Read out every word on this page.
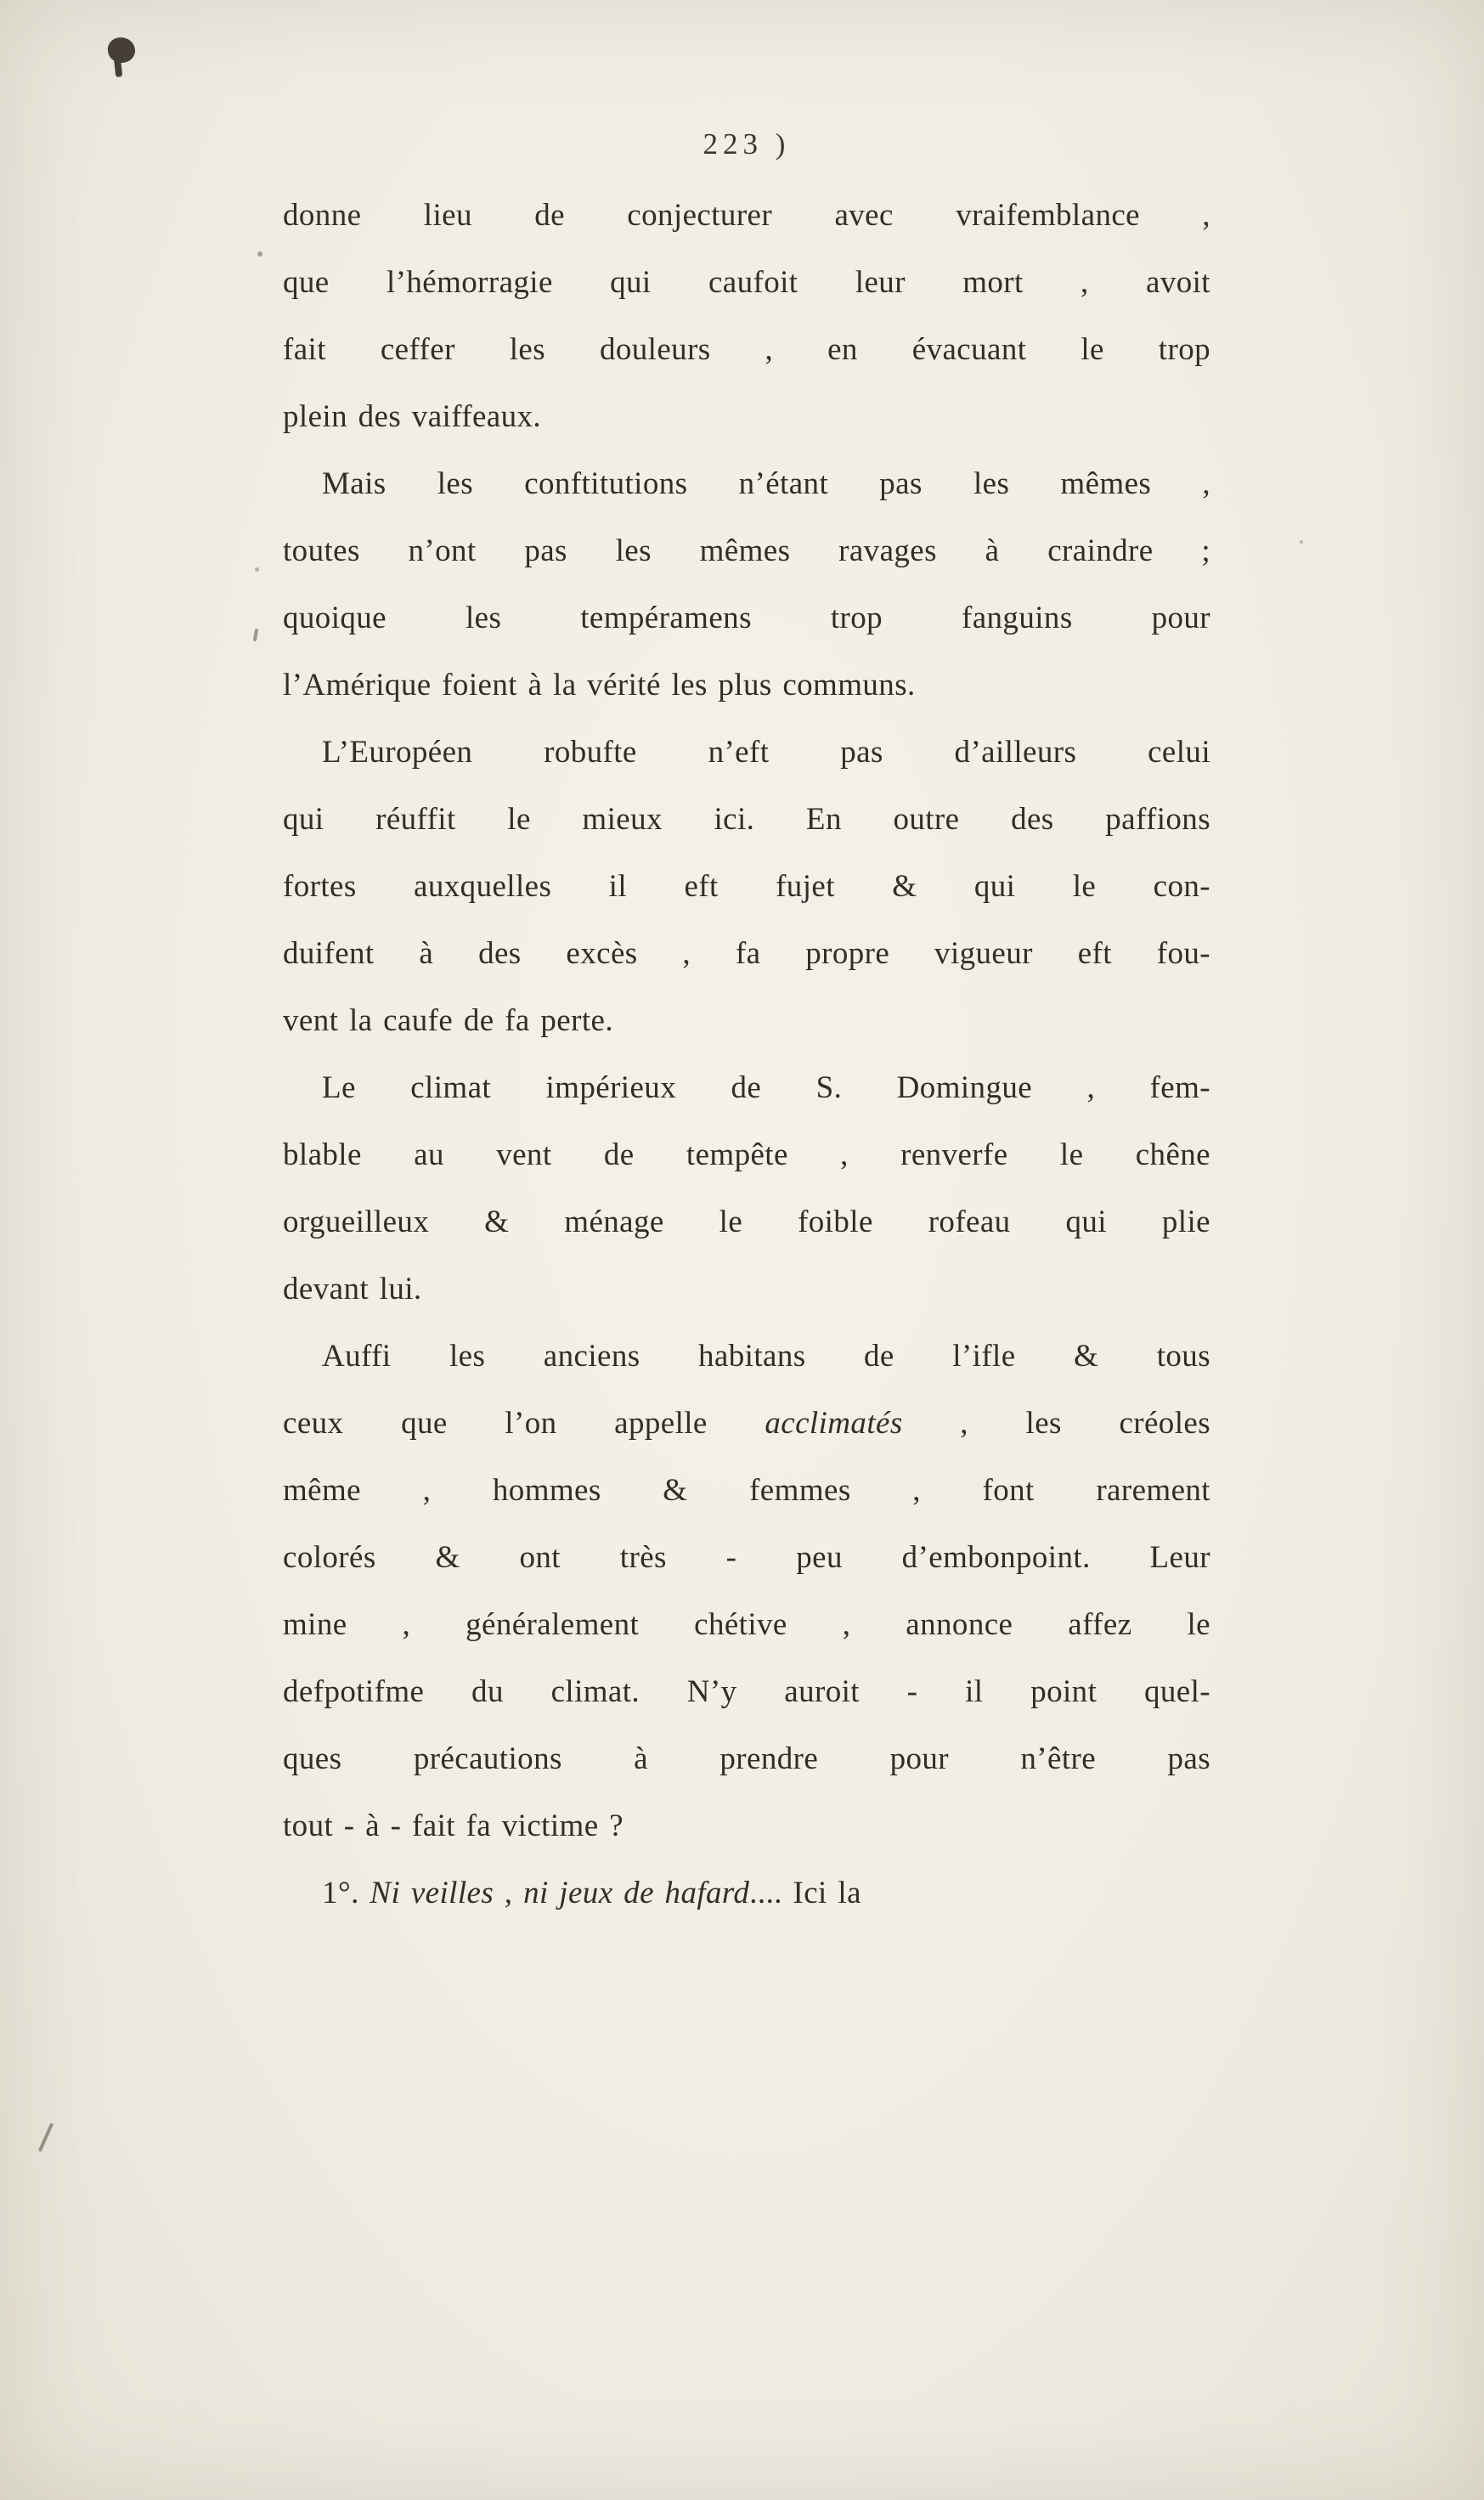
223 )
donne lieu de conjecturer avec vraifemblance ,
que l’hémorragie qui caufoit leur mort , avoit
fait ceffer les douleurs , en évacuant le trop
plein des vaiffeaux.
Mais les conftitutions n’étant pas les mêmes ,
toutes n’ont pas les mêmes ravages à craindre ;
quoique les tempéramens trop fanguins pour
l’Amérique foient à la vérité les plus communs.
L’Européen robufte n’eft pas d’ailleurs celui
qui réuffit le mieux ici. En outre des paffions
fortes auxquelles il eft fujet & qui le con-
duifent à des excès , fa propre vigueur eft fou-
vent la caufe de fa perte.
Le climat impérieux de S. Domingue , fem-
blable au vent de tempête , renverfe le chêne
orgueilleux & ménage le foible rofeau qui plie
devant lui.
Auffi les anciens habitans de l’ifle & tous
ceux que l’on appelle acclimatés , les créoles
même , hommes & femmes , font rarement
colorés & ont très - peu d’embonpoint. Leur
mine , généralement chétive , annonce affez le
defpotifme du climat. N’y auroit - il point quel-
ques précautions à prendre pour n’être pas
tout - à - fait fa victime ?
1°. Ni veilles , ni jeux de hafard.... Ici la
